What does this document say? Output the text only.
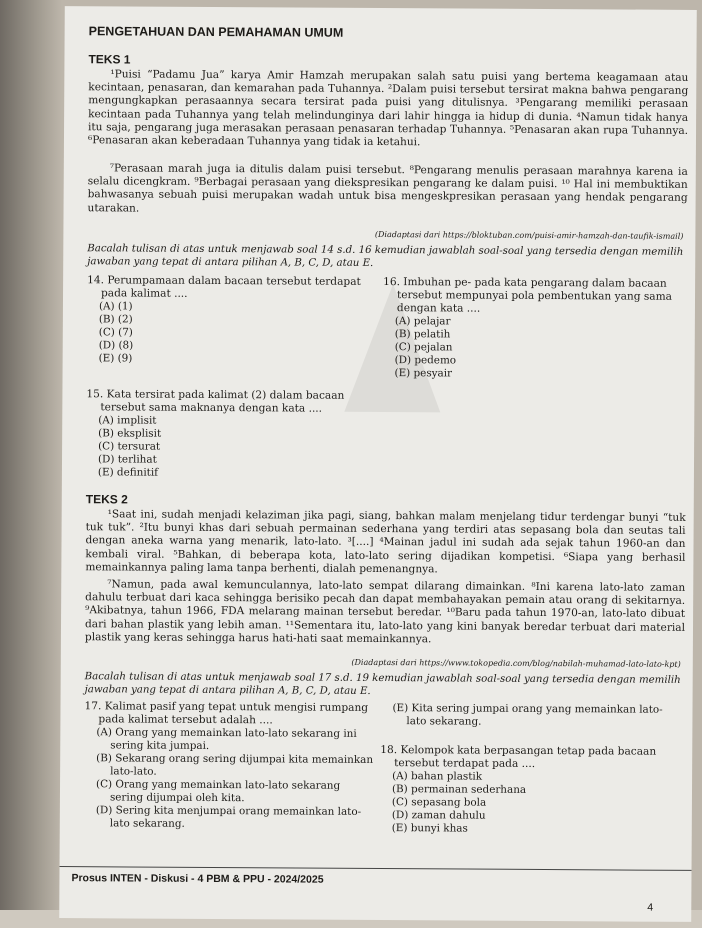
PENGETAHUAN DAN PEMAHAMAN UMUM
TEKS 1

¹Puisi “Padamu Jua” karya Amir Hamzah merupakan salah satu puisi yang bertema keagamaan atau kecintaan, penasaran, dan kemarahan pada Tuhannya. ²Dalam puisi tersebut tersirat makna bahwa pengarang mengungkapkan perasaannya secara tersirat pada puisi yang ditulisnya. ³Pengarang memiliki perasaan kecintaan pada Tuhannya yang telah melindunginya dari lahir hingga ia hidup di dunia. ⁴Namun tidak hanya itu saja, pengarang juga merasakan perasaan penasaran terhadap Tuhannya. ⁵Penasaran akan rupa Tuhannya. ⁶Penasaran akan keberadaan Tuhannya yang tidak ia ketahui.

⁷Perasaan marah juga ia ditulis dalam puisi tersebut. ⁸Pengarang menulis perasaan marahnya karena ia selalu dicengkram. ⁹Berbagai perasaan yang diekspresikan pengarang ke dalam puisi. ¹⁰ Hal ini membuktikan bahwasanya sebuah puisi merupakan wadah untuk bisa mengeskpresikan perasaan yang hendak pengarang utarakan.

(Diadaptasi dari https://bloktuban.com/puisi-amir-hamzah-dan-taufik-ismail)

Bacalah tulisan di atas untuk menjawab soal 14 s.d. 16 kemudian jawablah soal-soal yang tersedia dengan memilih jawaban yang tepat di antara pilihan A, B, C, D, atau E.

14. Perumpamaan dalam bacaan tersebut terdapat pada kalimat ....
(A) (1)
(B) (2)
(C) (7)
(D) (8)
(E) (9)
16. Imbuhan pe- pada kata pengarang dalam bacaan tersebut mempunyai pola pembentukan yang sama dengan kata ....
(A) pelajar
(B) pelatih
(C) pejalan
(D) pedemo
(E) pesyair
15. Kata tersirat pada kalimat (2) dalam bacaan tersebut sama maknanya dengan kata ....
(A) implisit
(B) eksplisit
(C) tersurat
(D) terlihat
(E) definitif
TEKS 2

¹Saat ini, sudah menjadi kelaziman jika pagi, siang, bahkan malam menjelang tidur terdengar bunyi “tuk tuk tuk”. ²Itu bunyi khas dari sebuah permainan sederhana yang terdiri atas sepasang bola dan seutas tali dengan aneka warna yang menarik, lato-lato. ³[....] ⁴Mainan jadul ini sudah ada sejak tahun 1960-an dan kembali viral. ⁵Bahkan, di beberapa kota, lato-lato sering dijadikan kompetisi. ⁶Siapa yang berhasil memainkannya paling lama tanpa berhenti, dialah pemenangnya.

⁷Namun, pada awal kemunculannya, lato-lato sempat dilarang dimainkan. ⁸Ini karena lato-lato zaman dahulu terbuat dari kaca sehingga berisiko pecah dan dapat membahayakan pemain atau orang di sekitarnya. ⁹Akibatnya, tahun 1966, FDA melarang mainan tersebut beredar. ¹⁰Baru pada tahun 1970-an, lato-lato dibuat dari bahan plastik yang lebih aman. ¹¹Sementara itu, lato-lato yang kini banyak beredar terbuat dari material plastik yang keras sehingga harus hati-hati saat memainkannya.

(Diadaptasi dari https://www.tokopedia.com/blog/nabilah-muhamad-lato-lato-kpt)

Bacalah tulisan di atas untuk menjawab soal 17 s.d. 19 kemudian jawablah soal-soal yang tersedia dengan memilih jawaban yang tepat di antara pilihan A, B, C, D, atau E.

17. Kalimat pasif yang tepat untuk mengisi rumpang pada kalimat tersebut adalah ....
(A) Orang yang memainkan lato-lato sekarang ini sering kita jumpai.
(B) Sekarang orang sering dijumpai kita memainkan lato-lato.
(C) Orang yang memainkan lato-lato sekarang sering dijumpai oleh kita.
(D) Sering kita menjumpai orang memainkan lato-lato sekarang.
(E) Kita sering jumpai orang yang memainkan lato-lato sekarang.
18. Kelompok kata berpasangan tetap pada bacaan tersebut terdapat pada ....
(A) bahan plastik
(B) permainan sederhana
(C) sepasang bola
(D) zaman dahulu
(E) bunyi khas
Prosus INTEN - Diskusi - 4 PBM & PPU - 2024/2025
4
